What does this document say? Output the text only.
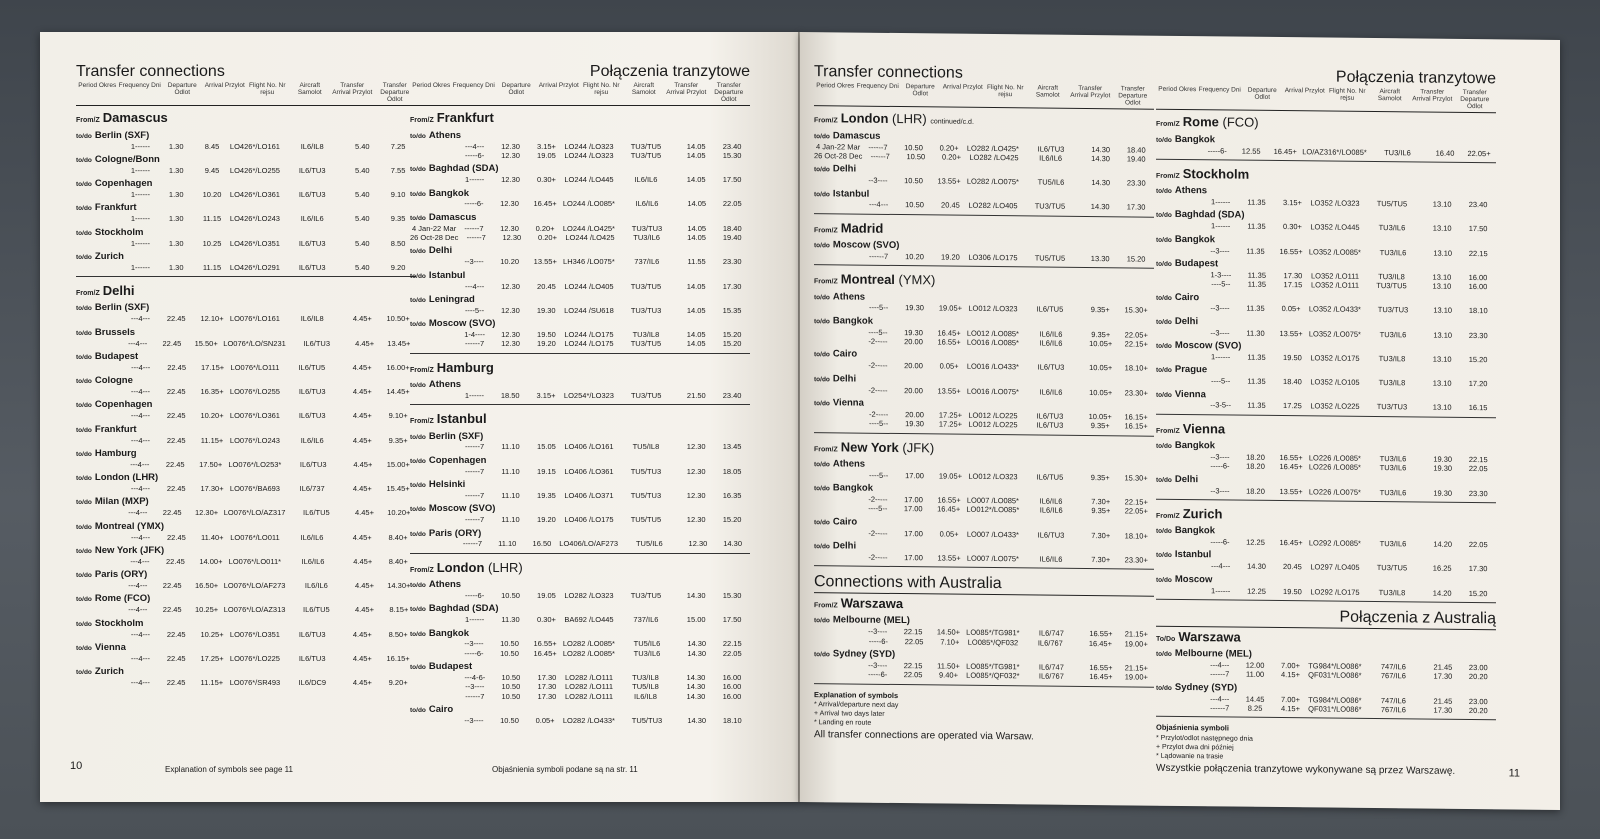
Transfer connections
Period Okres Frequency Dni	Departure Odlot
Arrival Przylot Flight No. Nr rejsu
Aircraft Samolot
Transfer Arrival Przylot
Transfer Departure Odlot
From/Z Damascus
to/do Berlin (SXF)
1------	1.30	8.45	LO426*/LO161	IL6/IL8	5.40	7.25
to/do Cologne/Bonn
1------	1.30	9.45	LO426*/LO255	IL6/TU3	5.40	7.55
to/do Copenhagen
1------	1.30	10.20	LO426*/LO361	IL6/TU3	5.40	9.10
to/do Frankfurt
1------	1.30	11.15	LO426*/LO243	IL6/IL6	5.40	9.35
to/do Stockholm
1------	1.30	10.25	LO426*/LO351	IL6/TU3	5.40	8.50
to/do Zurich
1------	1.30	11.15	LO426*/LO291	IL6/TU3	5.40	9.20
From/Z Delhi
to/do Berlin (SXF)
---4---	22.45	12.10+ LO076*/LO161	IL6/IL8	4.45+	10.50+
to/do Brussels
---4---	22.45	15.50+ LO076*/LO/SN231	IL6/TU3	4.45+	13.45+
to/do Budapest
---4---	22.45	17.15+ LO076*/LO111	IL6/TU5	4.45+	16.00+
to/do Cologne
---4---	22.45	16.35+ LO076*/LO255	IL6/TU3	4.45+	14.45+
to/do Copenhagen
---4---	22.45	10.20+ LO076*/LO361	IL6/TU3	4.45+	9.10+
to/do Frankfurt
---4---	22.45	11.15+ LO076*/LO243	IL6/IL6	4.45+	9.35+
to/do Hamburg
---4---	22.45	17.50+ LO076*/LO253*	IL6/TU3	4.45+	15.00+
to/do London (LHR)
---4---	22.45	17.30+ LO076*/BA693	IL6/737	4.45+	15.45+
to/do Milan (MXP)
---4---	22.45	12.30+ LO076*/LO/AZ317	IL6/TU5	4.45+	10.20+
to/do Montreal (YMX)
---4---	22.45	11.40+ LO076*/LO011	IL6/IL6	4.45+	8.40+
to/do New York (JFK)
---4---	22.45	14.00+ LO076*/LO011*	IL6/IL6	4.45+	8.40+
to/do Paris (ORY)
---4---	22.45	16.50+ LO076*/LO/AF273	IL6/IL6	4.45+	14.30+
to/do Rome (FCO)
---4---	22.45	10.25+ LO076*/LO/AZ313	IL6/TU5	4.45+	8.15+
to/do Stockholm
---4---	22.45	10.25+ LO076*/LO351	IL6/TU3	4.45+	8.50+
to/do Vienna
---4---	22.45	17.25+ LO076*/LO225	IL6/TU3	4.45+	16.15+
to/do Zurich
---4---	22.45	11.15+ LO076*/SR493	IL6/DC9	4.45+	9.20+
Połączenia tranzytowe
Period Okres Frequency Dni	Departure Odlot
Arrival Przylot Flight No. Nr rejsu
Aircraft Samolot
Transfer Arrival Przylot
Transfer Departure Odlot
From/Z Frankfurt
to/do Athens
---4---	12.30	3.15+	LO244 /LO323	TU3/TU5	14.05	23.40
-----6-	12.30	19.05	LO244 /LO323	TU3/TU5	14.05	15.30
to/do Baghdad (SDA)
1------	12.30	0.30+	LO244 /LO445	IL6/IL6	14.05	17.50
to/do Bangkok
-----6-	12.30	16.45+ LO244 /LO085*	IL6/IL6	14.05	22.05
to/do Damascus
4 Jan-22 Mar	------7	12.30	0.20+	LO244 /LO425*	TU3/TU3	14.05	18.40
26 Oct-28 Dec	------7	12.30	0.20+	LO244 /LO425	TU3/IL6	14.05	19.40
to/do Delhi
--3----	10.20	13.55+ LH346 /LO075*	737/IL6	11.55	23.30
to/do Istanbul
---4---	12.30	20.45	LO244 /LO405	TU3/TU5	14.05	17.30
to/do Leningrad
----5--	12.30	19.30	LO244 /SU618	TU3/TU3	14.05	15.35
to/do Moscow (SVO)
1-4----	12.30	19.50	LO244 /LO175	TU3/IL8	14.05	15.20
------7	12.30	19.20	LO244 /LO175	TU3/TU5	14.05	15.20
From/Z Hamburg
to/do Athens
1------	18.50	3.15+	LO254*/LO323	TU3/TU5	21.50	23.40
From/Z Istanbul
to/do Berlin (SXF)
------7	11.10	15.05	LO406 /LO161	TU5/IL8	12.30	13.45
to/do Copenhagen
------7	11.10	19.15	LO406 /LO361	TU5/TU3	12.30	18.05
to/do Helsinki
------7	11.10	19.35	LO406 /LO371	TU5/TU3	12.30	16.35
to/do Moscow (SVO)
------7	11.10	19.20	LO406 /LO175	TU5/TU5	12.30	15.20
to/do Paris (ORY)
------7	11.10	16.50	LO406/LO/AF273	TU5/IL6	12.30	14.30
From/Z London (LHR)
to/do Athens
-----6-	10.50	19.05	LO282 /LO323	TU3/TU5	14.30	15.30
to/do Baghdad (SDA)
1------	11.30	0.30+	BA692 /LO445	737/IL6	15.00	17.50
to/do Bangkok
--3----	10.50	16.55+ LO282 /LO085*	TU5/IL6	14.30	22.15
-----6-	10.50	16.45+ LO282 /LO085*	TU3/IL6	14.30	22.05
to/do Budapest
---4-6-	10.50	17.30	LO282 /LO111	TU3/IL8	14.30	16.00
--3----	10.50	17.30	LO282 /LO111	TU5/IL8	14.30	16.00
------7	10.50	17.30	LO282 /LO111	IL6/IL8	14.30	16.00
to/do Cairo
--3----	10.50	0.05+	LO282 /LO433*	TU5/TU3	14.30	18.10
10	Explanation of symbols see page 11	Objaśnienia symboli podane są na str. 11
Transfer connections
Period Okres Frequency Dni	Departure Odlot
Arrival Przylot Flight No. Nr rejsu
Aircraft Samolot
Transfer Arrival Przylot
Transfer Departure Odlot
From/Z London (LHR) continued/c.d.
to/do Damascus
4 Jan-22 Mar	------7	10.50	0.20+	LO282 /LO425*	IL6/TU3	14.30	18.40
26 Oct-28 Dec	------7	10.50	0.20+	LO282 /LO425	IL6/IL6	14.30	19.40
to/do Delhi
--3----	10.50	13.55+ LO282 /LO075*	TU5/IL6	14.30	23.30
to/do Istanbul
---4---	10.50	20.45	LO282 /LO405	TU3/TU5	14.30	17.30
From/Z Madrid
to/do Moscow (SVO)
------7	10.20	19.20	LO306 /LO175	TU5/TU5	13.30	15.20
From/Z Montreal (YMX)
to/do Athens
----5--	19.30	19.05+ LO012 /LO323	IL6/TU5	9.35+	15.30+
to/do Bangkok
----5--	19.30	16.45+ LO012 /LO085*	IL6/IL6	9.35+	22.05+
-2-----	20.00	16.55+ LO016 /LO085*	IL6/IL6	10.05+	22.15+
to/do Cairo
-2-----	20.00	0.05+	LO016 /LO433*	IL6/TU3	10.05+	18.10+
to/do Delhi
-2-----	20.00	13.55+ LO016 /LO075*	IL6/IL6	10.05+	23.30+
to/do Vienna
-2-----	20.00	17.25+ LO012 /LO225	IL6/TU3	10.05+	16.15+
----5--	19.30	17.25+ LO012 /LO225	IL6/TU3	9.35+	16.15+
From/Z New York (JFK)
to/do Athens
----5--	17.00	19.05+ LO012 /LO323	IL6/TU5	9.35+	15.30+
to/do Bangkok
-2-----	17.00	16.55+ LO007 /LO085*	IL6/IL6	7.30+	22.15+
----5--	17.00	16.45+ LO012*/LO085*	IL6/IL6	9.35+	22.05+
to/do Cairo
-2-----	17.00	0.05+	LO007 /LO433*	IL6/TU3	7.30+	18.10+
to/do Delhi
-2-----	17.00	13.55+ LO007 /LO075*	IL6/IL6	7.30+	23.30+
Connections with Australia
From/Z Warszawa
to/do Melbourne (MEL)
--3----	22.15	14.50+ LO085*/TG981*	IL6/747	16.55+	21.15+
-----6-	22.05	7.10+	LO085*/QF032	IL6/767	16.45+	19.00+
to/do Sydney (SYD)
--3----	22.15	11.50+ LO085*/TG981*	IL6/747	16.55+	21.15+
-----6-	22.05	9.40+	LO085*/QF032*	IL6/767	16.45+	19.00+
Explanation of symbols
* Arrival/departure next day
+ Arrival two days later
* Landing en route
All transfer connections are operated via Warsaw.
Połączenia tranzytowe
Period Okres Frequency Dni	Departure Odlot
Arrival Przylot Flight No. Nr rejsu
Aircraft Samolot
Transfer Arrival Przylot
Transfer Departure Odlot
From/Z Rome (FCO)
to/do Bangkok
-----6-	12.55	16.45+ LO/AZ316*/LO085*	TU3/IL6	16.40	22.05+
From/Z Stockholm
to/do Athens
1------	11.35	3.15+	LO352 /LO323	TU5/TU5	13.10	23.40
to/do Baghdad (SDA)
1------	11.35	0.30+	LO352 /LO445	TU3/IL6	13.10	17.50
to/do Bangkok
--3----	11.35	16.55+ LO352 /LO085*	TU3/IL6	13.10	22.15
to/do Budapest
1-3----	11.35	17.30	LO352 /LO111	TU3/IL8	13.10	16.00
----5--	11.35	17.15	LO352 /LO111	TU3/TU5	13.10	16.00
to/do Cairo
--3----	11.35	0.05+	LO352 /LO433*	TU3/TU3	13.10	18.10
to/do Delhi
--3----	11.30	13.55+ LO352 /LO075*	TU3/IL6	13.10	23.30
to/do Moscow (SVO)
1------	11.35	19.50	LO352 /LO175	TU3/IL8	13.10	15.20
to/do Prague
----5--	11.35	18.40	LO352 /LO105	TU3/IL8	13.10	17.20
to/do Vienna
--3-5--	11.35	17.25	LO352 /LO225	TU3/TU3	13.10	16.15
From/Z Vienna
to/do Bangkok
--3----	18.20	16.55+ LO226 /LO085*	TU3/IL6	19.30	22.15
-----6-	18.20	16.45+ LO226 /LO085*	TU3/IL6	19.30	22.05
to/do Delhi
--3----	18.20	13.55+ LO226 /LO075*	TU3/IL6	19.30	23.30
From/Z Zurich
to/do Bangkok
-----6-	12.25	16.45+ LO292 /LO085*	TU3/IL6	14.20	22.05
to/do Istanbul
---4---	14.30	20.45	LO297 /LO405	TU3/TU5	16.25	17.30
to/do Moscow
1------	12.25	19.50	LO292 /LO175	TU3/IL8	14.20	15.20
Połączenia z Australią
To/Do Warszawa
to/do Melbourne (MEL)
---4---	12.00	7.00+	TG984*/LO086*	747/IL6	21.45	23.00
------7	11.00	4.15+	QF031*/LO086*	767/IL6	17.30	20.20
to/do Sydney (SYD)
---4---	14.45	7.00+	TG984*/LO086*	747/IL6	21.45	23.00
------7	8.25	4.15+	QF031*/LO086*	767/IL6	17.30	20.20
Objaśnienia symboli
* Przylot/odlot następnego dnia
+ Przylot dwa dni później
* Lądowanie na trasie
Wszystkie połączenia tranzytowe wykonywane są przez Warszawę.	11
